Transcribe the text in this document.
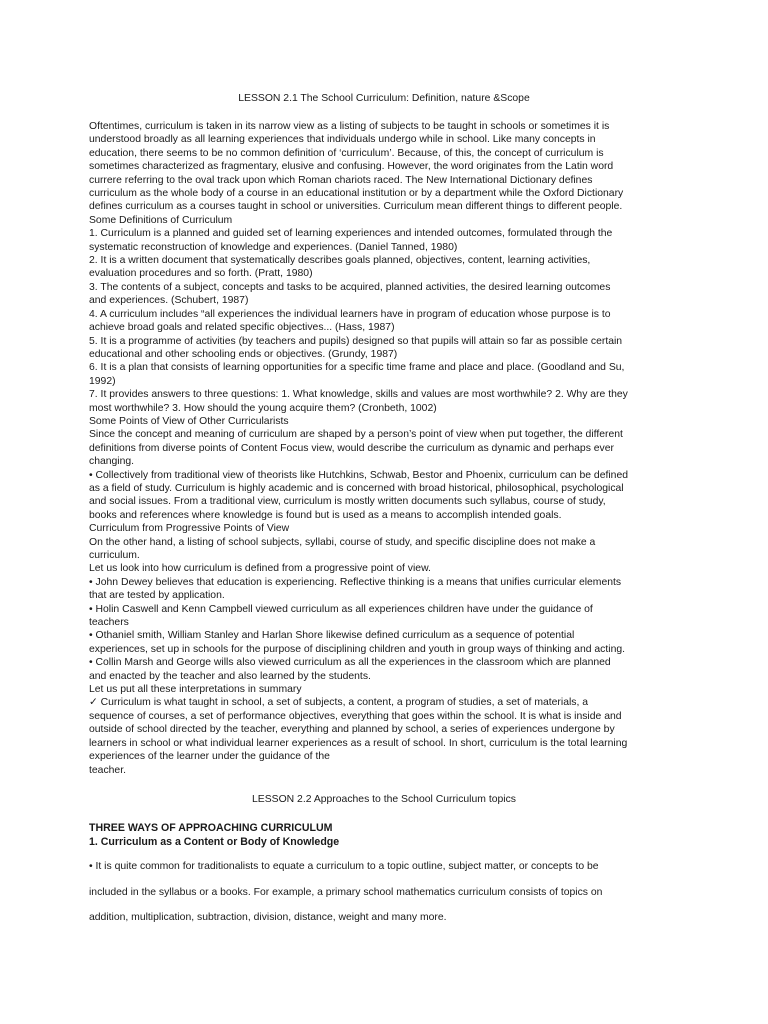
LESSON 2.1 The School Curriculum: Definition, nature &Scope

Oftentimes, curriculum is taken in its narrow view as a listing of subjects to be taught in schools or sometimes it is

understood broadly as all learning experiences that individuals undergo while in school. Like many concepts in

education, there seems to be no common definition of ‘curriculum’. Because, of this, the concept of curriculum is

sometimes characterized as fragmentary, elusive and confusing. However, the word originates from the Latin word

currere referring to the oval track upon which Roman chariots raced. The New International Dictionary defines

curriculum as the whole body of a course in an educational institution or by a department while the Oxford Dictionary

defines curriculum as a courses taught in school or universities. Curriculum mean different things to different people.

Some Definitions of Curriculum

1. Curriculum is a planned and guided set of learning experiences and intended outcomes, formulated through the

systematic reconstruction of knowledge and experiences. (Daniel Tanned, 1980)

2. It is a written document that systematically describes goals planned, objectives, content, learning activities,

evaluation procedures and so forth. (Pratt, 1980)

3. The contents of a subject, concepts and tasks to be acquired, planned activities, the desired learning outcomes

and experiences. (Schubert, 1987)

4. A curriculum includes “all experiences the individual learners have in program of education whose purpose is to

achieve broad goals and related specific objectives... (Hass, 1987)

5. It is a programme of activities (by teachers and pupils) designed so that pupils will attain so far as possible certain

educational and other schooling ends or objectives. (Grundy, 1987)

6. It is a plan that consists of learning opportunities for a specific time frame and place and place. (Goodland and Su,

1992)

7. It provides answers to three questions: 1. What knowledge, skills and values are most worthwhile? 2. Why are they

most worthwhile? 3. How should the young acquire them? (Cronbeth, 1002)

Some Points of View of Other Curricularists

Since the concept and meaning of curriculum are shaped by a person’s point of view when put together, the different

definitions from diverse points of Content Focus view, would describe the curriculum as dynamic and perhaps ever

changing.

• Collectively from traditional view of theorists like Hutchkins, Schwab, Bestor and Phoenix, curriculum can be defined

as a field of study. Curriculum is highly academic and is concerned with broad historical, philosophical, psychological

and social issues. From a traditional view, curriculum is mostly written documents such syllabus, course of study,

books and references where knowledge is found but is used as a means to accomplish intended goals.

Curriculum from Progressive Points of View

On the other hand, a listing of school subjects, syllabi, course of study, and specific discipline does not make a

curriculum.

Let us look into how curriculum is defined from a progressive point of view.

• John Dewey believes that education is experiencing. Reflective thinking is a means that unifies curricular elements

that are tested by application.

• Holin Caswell and Kenn Campbell viewed curriculum as all experiences children have under the guidance of

teachers

• Othaniel smith, William Stanley and Harlan Shore likewise defined curriculum as a sequence of potential

experiences, set up in schools for the purpose of disciplining children and youth in group ways of thinking and acting.

• Collin Marsh and George wills also viewed curriculum as all the experiences in the classroom which are planned

and enacted by the teacher and also learned by the students.

Let us put all these interpretations in summary

✓ Curriculum is what taught in school, a set of subjects, a content, a program of studies, a set of materials, a

sequence of courses, a set of performance objectives, everything that goes within the school. It is what is inside and

outside of school directed by the teacher, everything and planned by school, a series of experiences undergone by

learners in school or what individual learner experiences as a result of school. In short, curriculum is the total learning

experiences of the learner under the guidance of the

teacher.

LESSON 2.2 Approaches to the School Curriculum topics

THREE WAYS OF APPROACHING CURRICULUM

1. Curriculum as a Content or Body of Knowledge

• It is quite common for traditionalists to equate a curriculum to a topic outline, subject matter, or concepts to be

included in the syllabus or a books. For example, a primary school mathematics curriculum consists of topics on

addition, multiplication, subtraction, division, distance, weight and many more.
